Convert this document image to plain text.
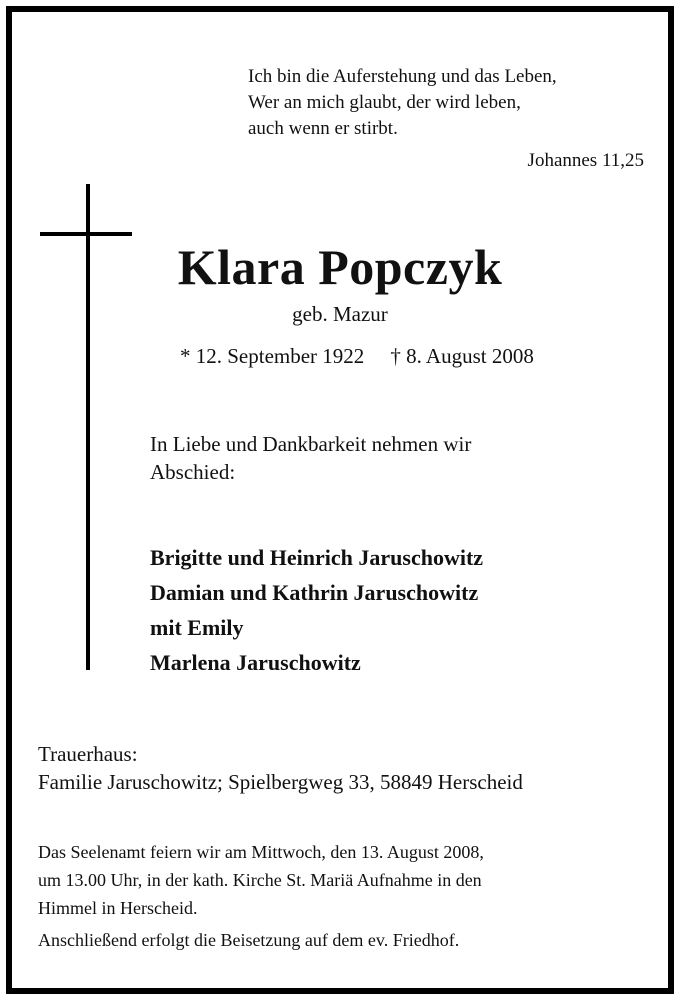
Ich bin die Auferstehung und das Leben,
Wer an mich glaubt, der wird leben,
auch wenn er stirbt.
Johannes 11,25
Klara Popczyk
geb. Mazur
* 12. September 1922 † 8. August 2008
In Liebe und Dankbarkeit nehmen wir
Abschied:
Brigitte und Heinrich Jaruschowitz
Damian und Kathrin Jaruschowitz
mit Emily
Marlena Jaruschowitz
Trauerhaus:
Familie Jaruschowitz; Spielbergweg 33, 58849 Herscheid
Das Seelenamt feiern wir am Mittwoch, den 13. August 2008,
um 13.00 Uhr, in der kath. Kirche St. Mariä Aufnahme in den
Himmel in Herscheid.
Anschließend erfolgt die Beisetzung auf dem ev. Friedhof.
